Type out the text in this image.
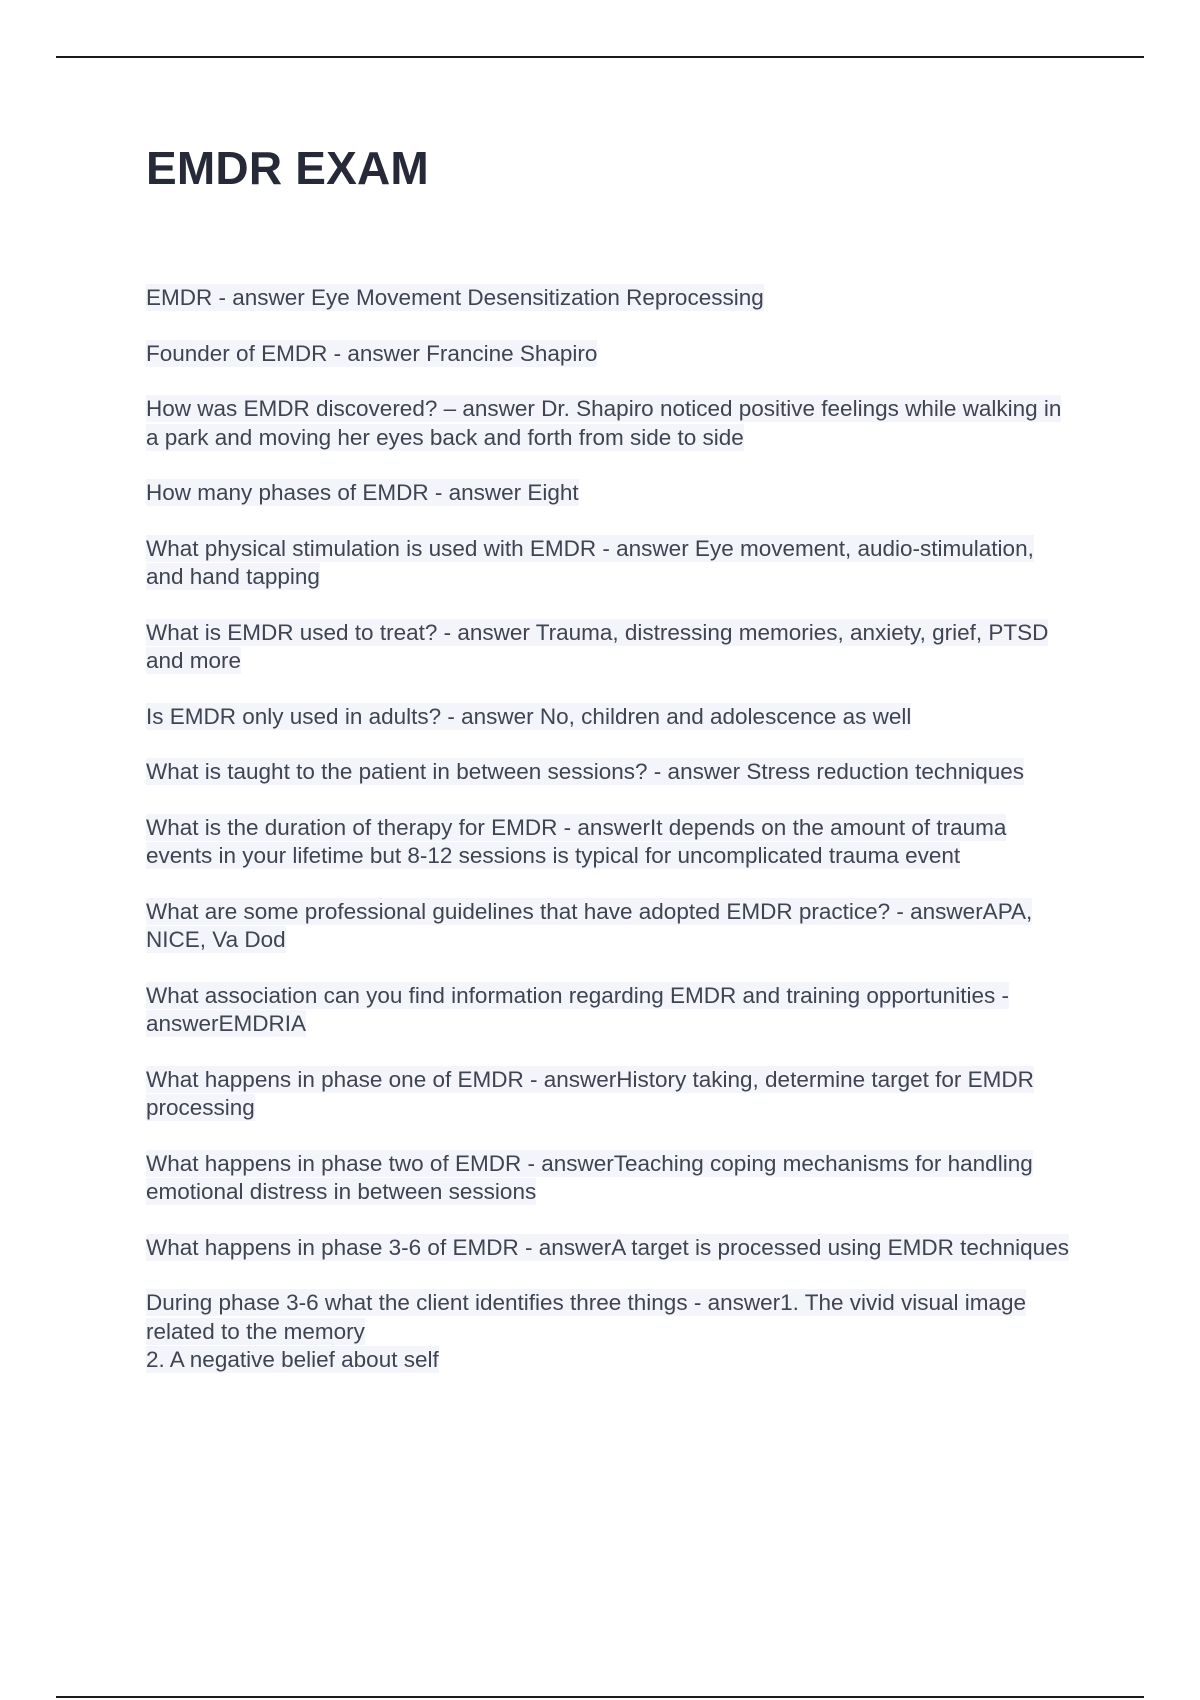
EMDR EXAM

EMDR - answer Eye Movement Desensitization Reprocessing

Founder of EMDR - answer Francine Shapiro

How was EMDR discovered? – answer Dr. Shapiro noticed positive feelings while walking in a park and moving her eyes back and forth from side to side

How many phases of EMDR - answer Eight

What physical stimulation is used with EMDR - answer Eye movement, audio-stimulation, and hand tapping

What is EMDR used to treat? - answer Trauma, distressing memories, anxiety, grief, PTSD and more

Is EMDR only used in adults? - answer No, children and adolescence as well

What is taught to the patient in between sessions? - answer Stress reduction techniques

What is the duration of therapy for EMDR - answerIt depends on the amount of trauma events in your lifetime but 8-12 sessions is typical for uncomplicated trauma event

What are some professional guidelines that have adopted EMDR practice? - answerAPA, NICE, Va Dod

What association can you find information regarding EMDR and training opportunities - answerEMDRIA

What happens in phase one of EMDR - answerHistory taking, determine target for EMDR processing

What happens in phase two of EMDR - answerTeaching coping mechanisms for handling emotional distress in between sessions

What happens in phase 3-6 of EMDR - answerA target is processed using EMDR techniques

During phase 3-6 what the client identifies three things - answer1. The vivid visual image related to the memory
2. A negative belief about self
